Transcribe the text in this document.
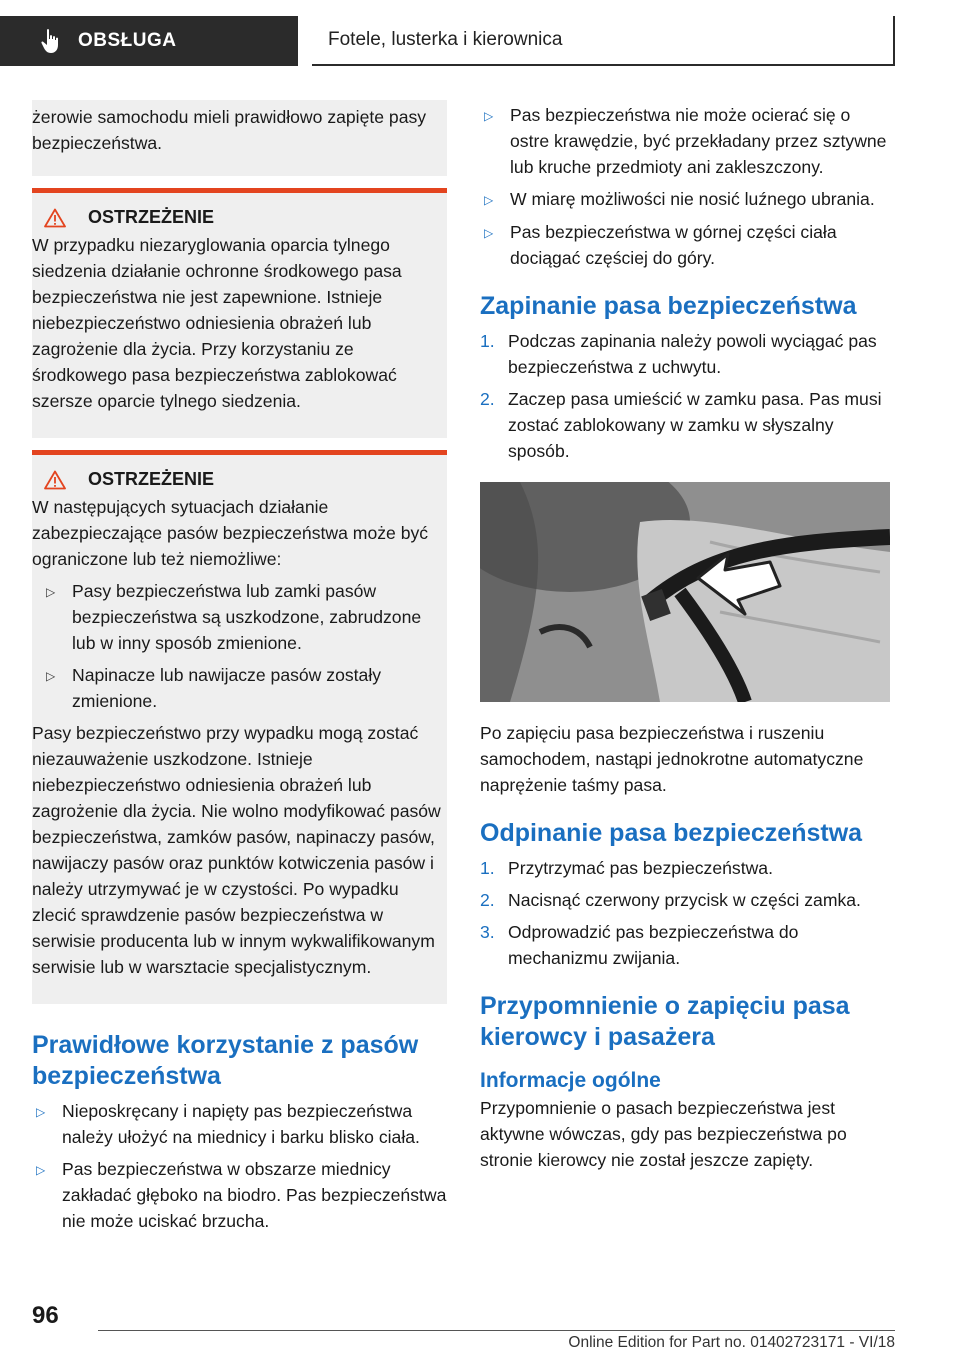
OBSŁUGA	Fotele, lusterka i kierownica

żerowie samochodu mieli prawidłowo zapięte pasy bezpieczeństwa.

OSTRZEŻENIE

W przypadku niezaryglowania oparcia tylnego siedzenia działanie ochronne środkowego pasa bezpieczeństwa nie jest zapewnione. Istnieje niebezpieczeństwo odniesienia obrażeń lub zagrożenie dla życia. Przy korzystaniu ze środkowego pasa bezpieczeństwa zablokować szersze oparcie tylnego siedzenia.

OSTRZEŻENIE

W następujących sytuacjach działanie zabezpieczające pasów bezpieczeństwa może być ograniczone lub też niemożliwe:

▷ Pasy bezpieczeństwa lub zamki pasów bezpieczeństwa są uszkodzone, zabrudzone lub w inny sposób zmienione.
▷ Napinacze lub nawijacze pasów zostały zmienione.

Pasy bezpieczeństwo przy wypadku mogą zostać niezauważenie uszkodzone. Istnieje niebezpieczeństwo odniesienia obrażeń lub zagrożenie dla życia. Nie wolno modyfikować pasów bezpieczeństwa, zamków pasów, napinaczy pasów, nawijaczy pasów oraz punktów kotwiczenia pasów i należy utrzymywać je w czystości. Po wypadku zlecić sprawdzenie pasów bezpieczeństwa w serwisie producenta lub w innym wykwalifikowanym serwisie lub w warsztacie specjalistycznym.

Prawidłowe korzystanie z pasów bezpieczeństwa
▷ Nieposkręcany i napięty pas bezpieczeństwa należy ułożyć na miednicy i barku blisko ciała.
▷ Pas bezpieczeństwa w obszarze miednicy zakładać głęboko na biodro. Pas bezpieczeństwa nie może uciskać brzucha.
▷ Pas bezpieczeństwa nie może ocierać się o ostre krawędzie, być przekładany przez sztywne lub kruche przedmioty ani zakleszczony.
▷ W miarę możliwości nie nosić luźnego ubrania.
▷ Pas bezpieczeństwa w górnej części ciała dociągać częściej do góry.
Zapinanie pasa bezpieczeństwa
1. Podczas zapinania należy powoli wyciągać pas bezpieczeństwa z uchwytu.
2. Zaczep pasa umieścić w zamku pasa. Pas musi zostać zablokowany w zamku w słyszalny sposób.

Po zapięciu pasa bezpieczeństwa i ruszeniu samochodem, nastąpi jednokrotne automatyczne naprężenie taśmy pasa.

Odpinanie pasa bezpieczeństwa
1. Przytrzymać pas bezpieczeństwa.
2. Nacisnąć czerwony przycisk w części zamka.
3. Odprowadzić pas bezpieczeństwa do mechanizmu zwijania.
Przypomnienie o zapięciu pasa kierowcy i pasażera
Informacje ogólne

Przypomnienie o pasach bezpieczeństwa jest aktywne wówczas, gdy pas bezpieczeństwa po stronie kierowcy nie został jeszcze zapięty.

96
Online Edition for Part no. 01402723171 - VI/18
